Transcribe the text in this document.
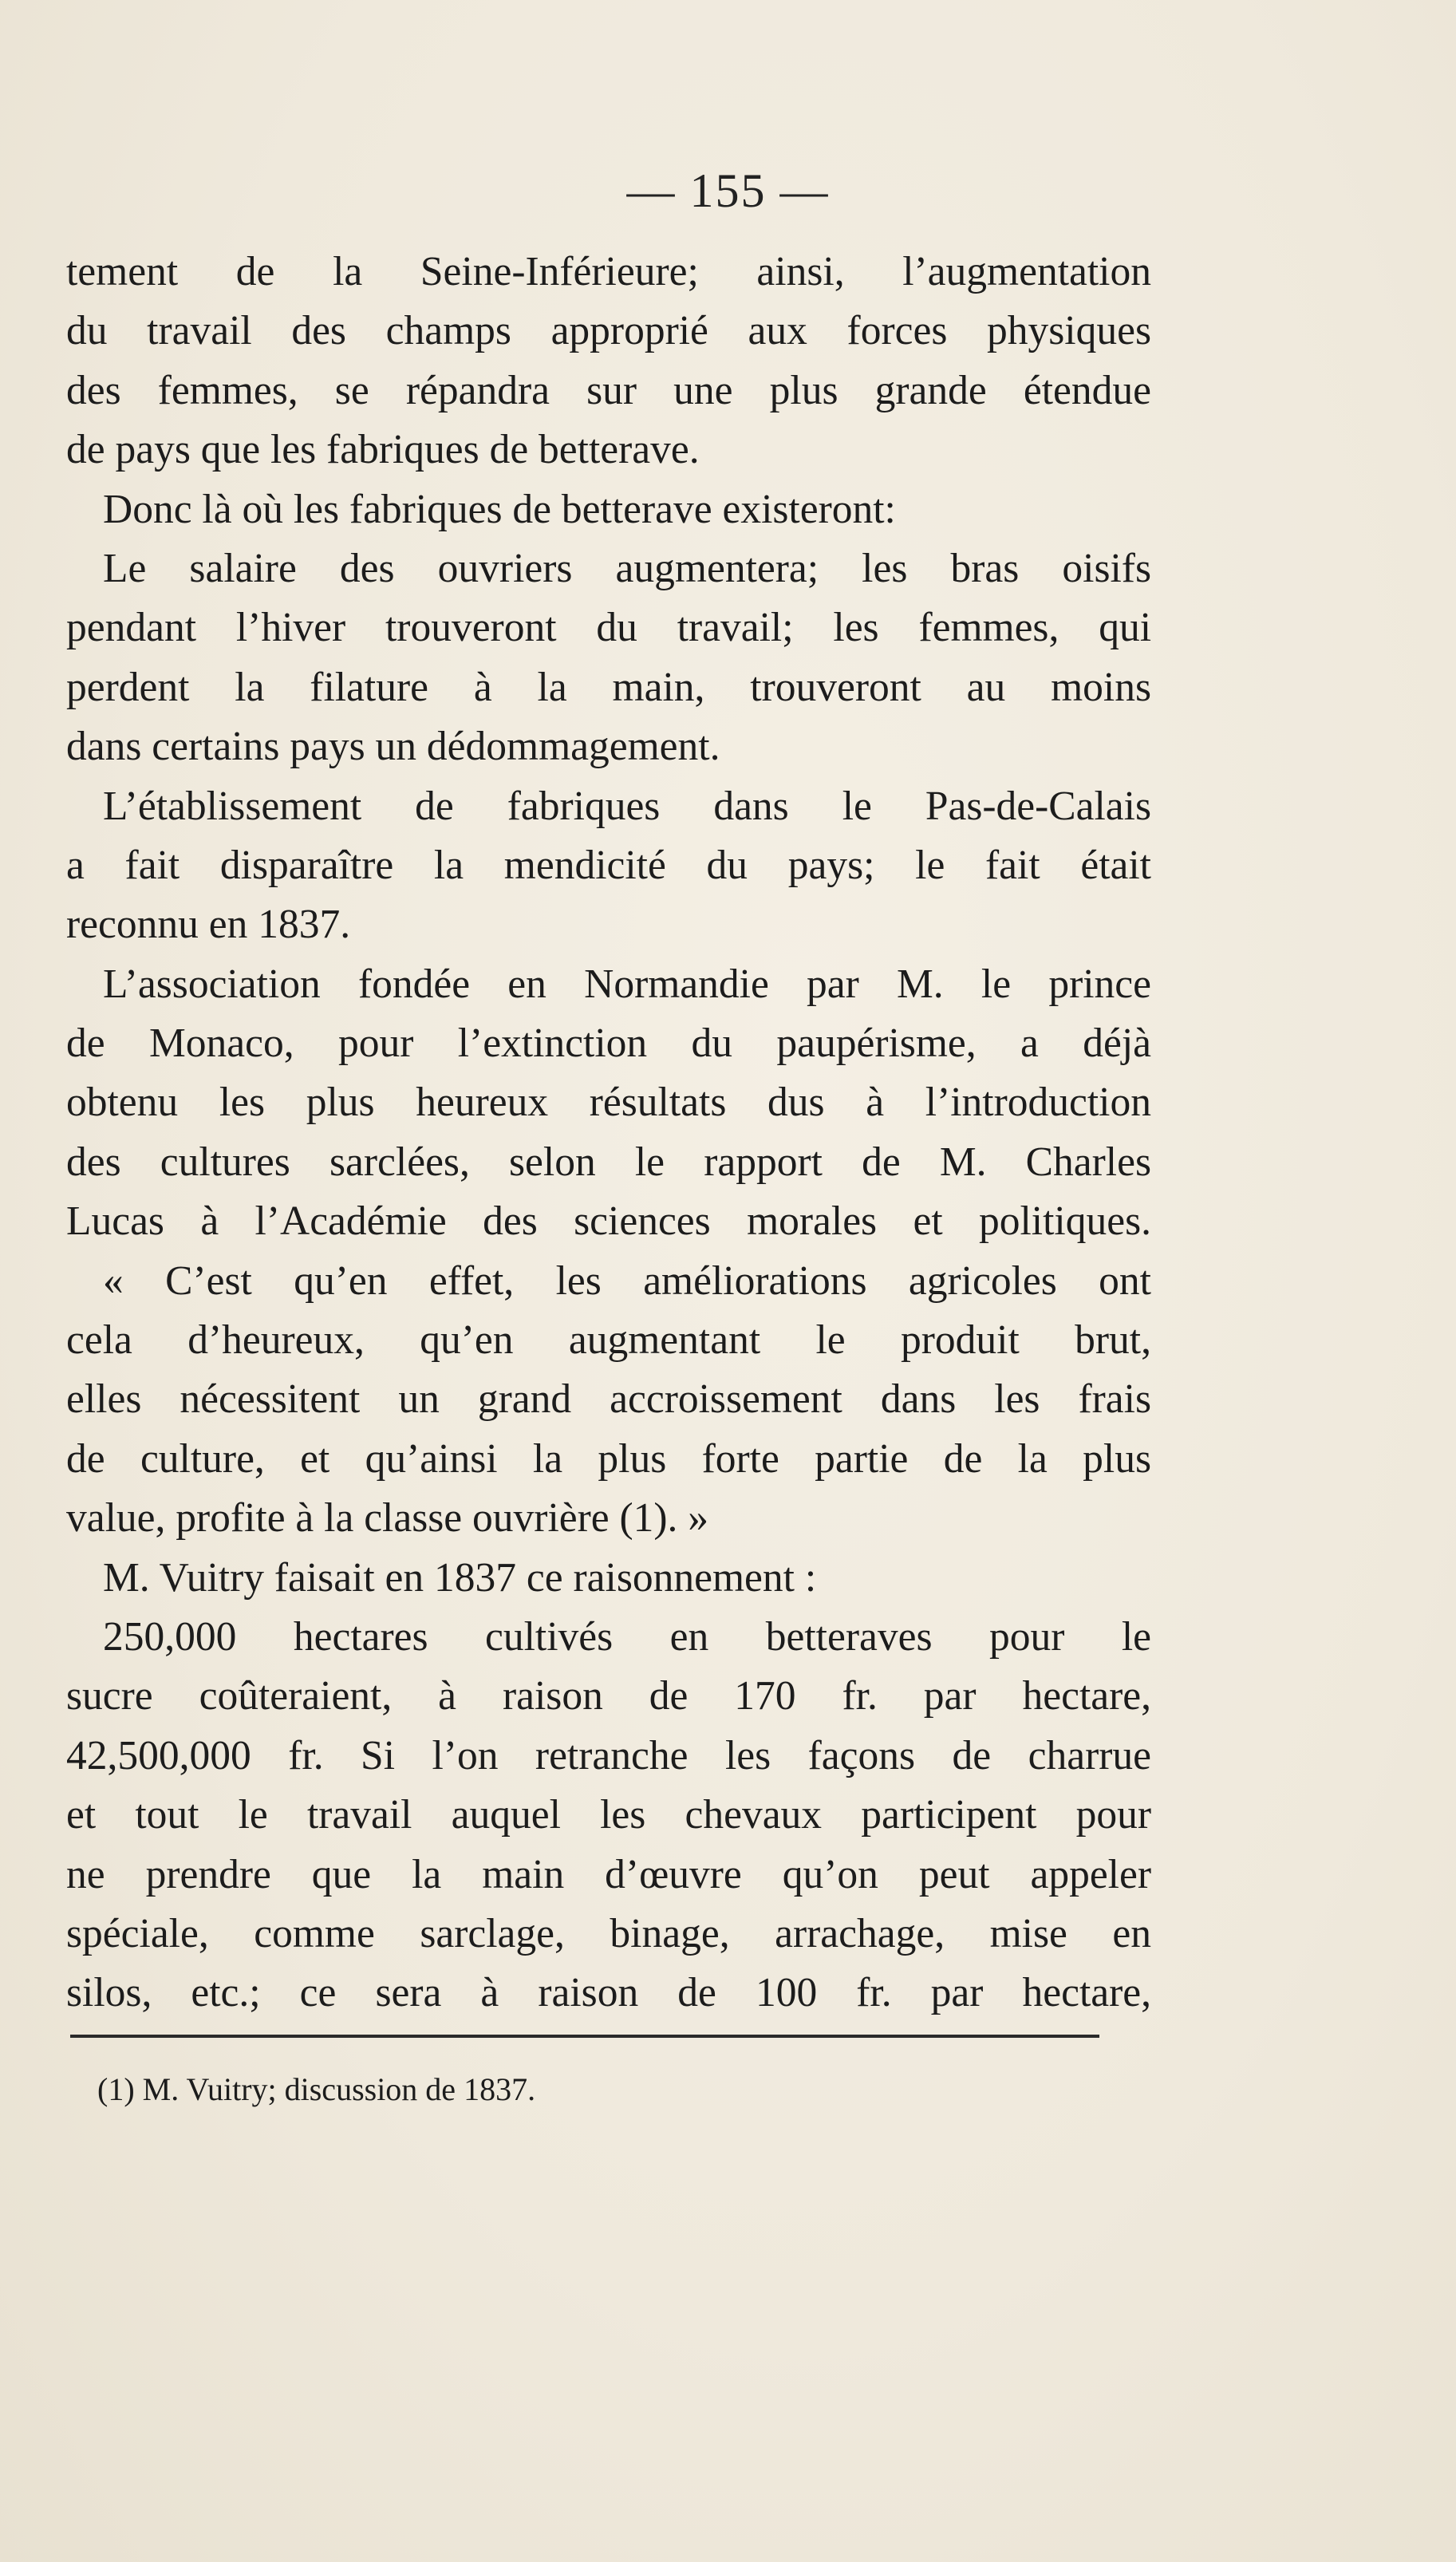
— 155 —
tement de la Seine-Inférieure; ainsi, l’augmentation
du travail des champs approprié aux forces physiques
des femmes, se répandra sur une plus grande étendue
de pays que les fabriques de betterave.
Donc là où les fabriques de betterave existeront:
Le salaire des ouvriers augmentera; les bras oisifs
pendant l’hiver trouveront du travail; les femmes, qui
perdent la filature à la main, trouveront au moins
dans certains pays un dédommagement.
L’établissement de fabriques dans le Pas-de-Calais
a fait disparaître la mendicité du pays; le fait était
reconnu en 1837.
L’association fondée en Normandie par M. le prince
de Monaco, pour l’extinction du paupérisme, a déjà
obtenu les plus heureux résultats dus à l’introduction
des cultures sarclées, selon le rapport de M. Charles
Lucas à l’Académie des sciences morales et politiques.
« C’est qu’en effet, les améliorations agricoles ont
cela d’heureux, qu’en augmentant le produit brut,
elles nécessitent un grand accroissement dans les frais
de culture, et qu’ainsi la plus forte partie de la plus
value, profite à la classe ouvrière (1). »
M. Vuitry faisait en 1837 ce raisonnement :
250,000 hectares cultivés en betteraves pour le
sucre coûteraient, à raison de 170 fr. par hectare,
42,500,000 fr. Si l’on retranche les façons de charrue
et tout le travail auquel les chevaux participent pour
ne prendre que la main d’œuvre qu’on peut appeler
spéciale, comme sarclage, binage, arrachage, mise en
silos, etc.; ce sera à raison de 100 fr. par hectare,
(1) M. Vuitry; discussion de 1837.
